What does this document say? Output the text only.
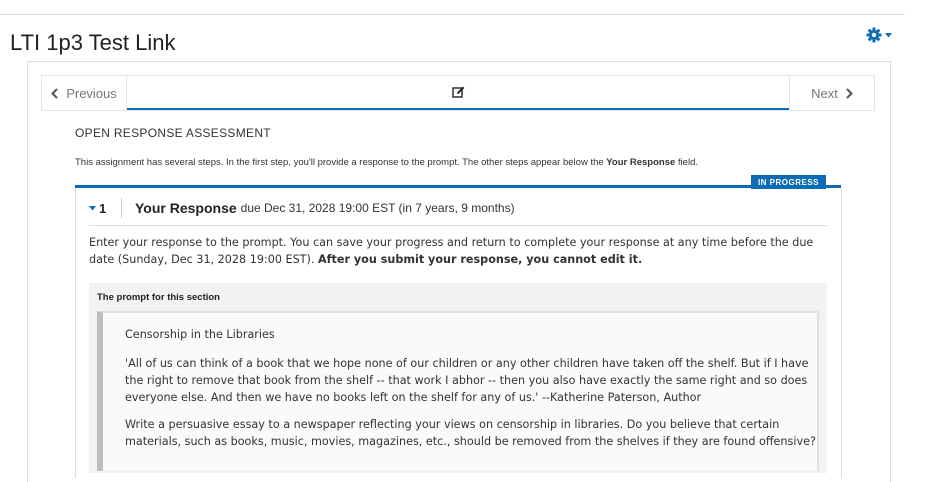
LTI 1p3 Test Link
Previous	Next
OPEN RESPONSE ASSESSMENT
This assignment has several steps. In the first step, you'll provide a response to the prompt. The other steps appear below the Your Response field.
IN PROGRESS
1 Your Response due Dec 31, 2028 19:00 EST (in 7 years, 9 months)
Enter your response to the prompt. You can save your progress and return to complete your response at any time before the due date (Sunday, Dec 31, 2028 19:00 EST). After you submit your response, you cannot edit it.
The prompt for this section

Censorship in the Libraries

'All of us can think of a book that we hope none of our children or any other children have taken off the shelf. But if I have the right to remove that book from the shelf -- that work I abhor -- then you also have exactly the same right and so does everyone else. And then we have no books left on the shelf for any of us.' --Katherine Paterson, Author

Write a persuasive essay to a newspaper reflecting your views on censorship in libraries. Do you believe that certain materials, such as books, music, movies, magazines, etc., should be removed from the shelves if they are found offensive?
